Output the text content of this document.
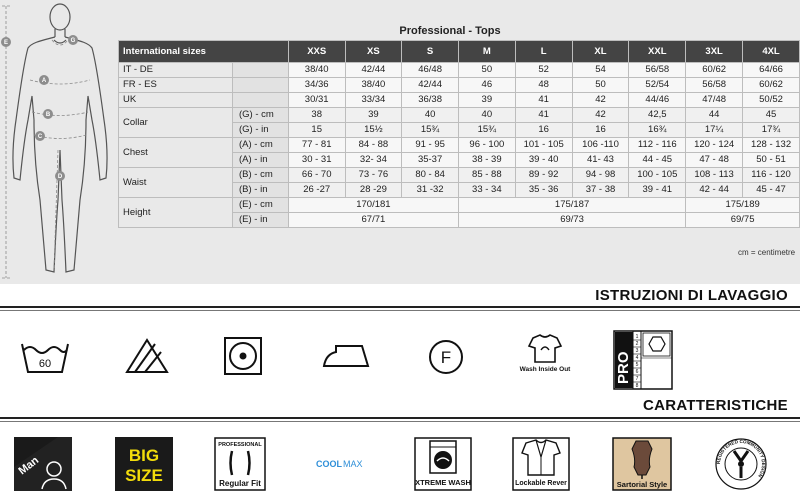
E	G
A
B
C
D
Professional - Tops
International sizes		XXS	XS	S	M	L	XL	XXL	3XL	4XL
IT - DE		38/40	42/44	46/48	50	52	54	56/58	60/62	64/66
FR - ES		34/36	38/40	42/44	46	48	50	52/54	56/58	60/62
UK		30/31	33/34	36/38	39	41	42	44/46	47/48	50/52
Collar	(G) - cm	38	39	40	40	41	42	42,5	44	45
	(G) - in	15	15½	15¾	15¾	16	16	16¾	17¼	17¾
Chest	(A) - cm	77 - 81	84 - 88	91 - 95	96 - 100	101 - 105	106 -110	112 - 116	120 - 124	128 - 132
	(A) - in	30 - 31	32- 34	35-37	38 - 39	39 - 40	41- 43	44 - 45	47 - 48	50 - 51
Waist	(B) - cm	66 - 70	73 - 76	80 - 84	85 - 88	89 - 92	94 - 98	100 - 105	108 - 113	116 - 120
	(B) - in	26 -27	28 -29	31 -32	33 - 34	35 - 36	37 - 38	39 - 41	42 - 44	45 - 47
Height	(E) - cm	170/181			175/187				175/189	
	(E) - in	67/71			69/73				69/75	
cm = centimetre
ISTRUZIONI DI LAVAGGIO
60	F
Wash Inside Out	PRO
1
2
3
4
5
6
7
8
CARATTERISTICHE
Man	BIG
SIZE
PROFESSIONAL
Regular Fit
COOL MAX
XTREME WASH	Lockable Rever	Sartorial Style
REGISTERED COMMUNITY DESIGN
